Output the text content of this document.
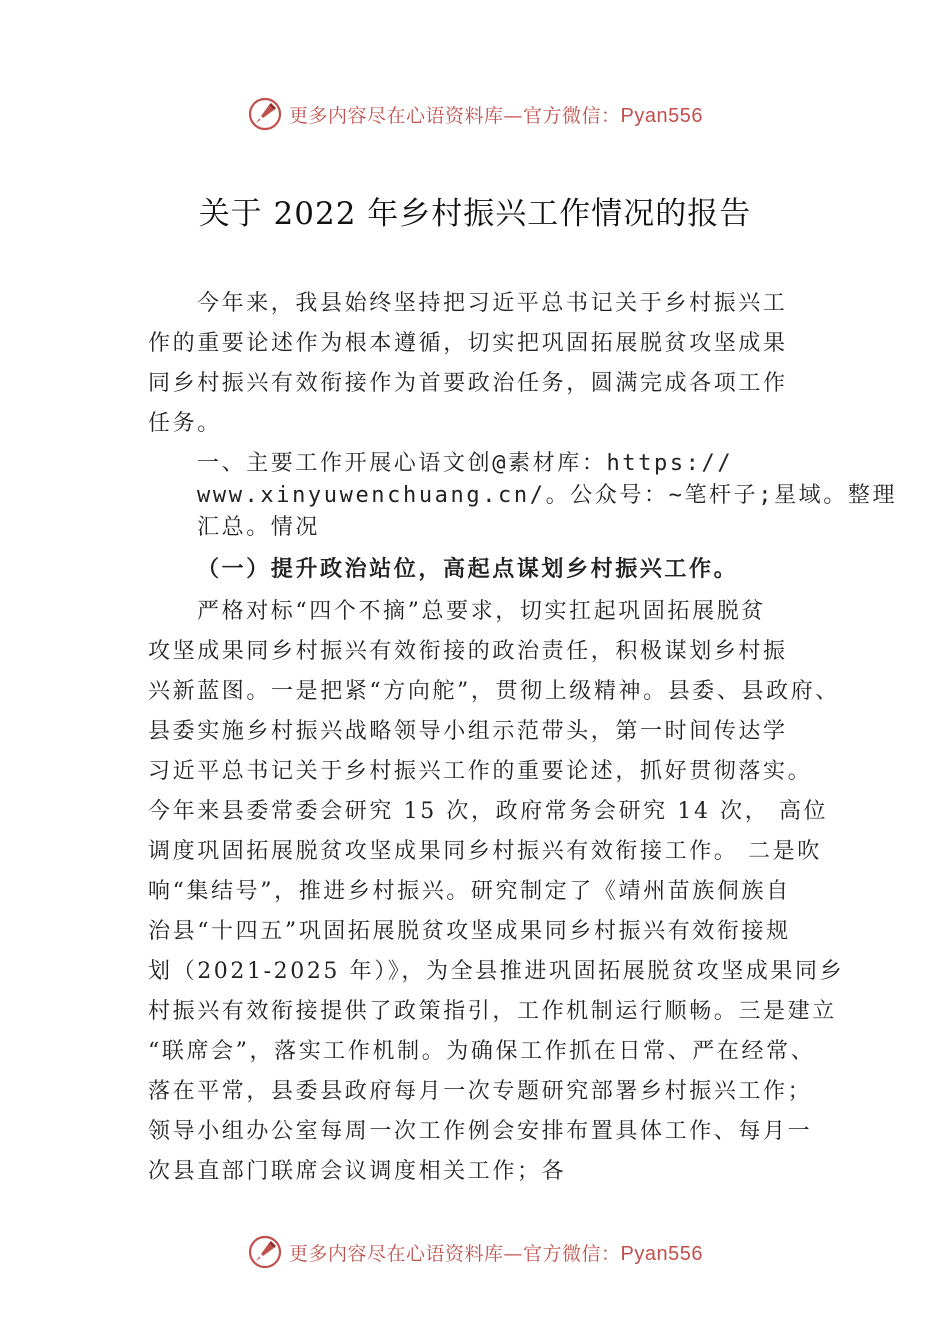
更多内容尽在心语资料库—官方微信：Pyan556
关于 2022 年乡村振兴工作情况的报告
今年来，我县始终坚持把习近平总书记关于乡村振兴工
作的重要论述作为根本遵循，切实把巩固拓展脱贫攻坚成果
同乡村振兴有效衔接作为首要政治任务，圆满完成各项工作
任务。
一、主要工作开展心语文创@素材库：https://
www.xinyuwenchuang.cn/。公众号：~笔杆子;星域。整理
汇总。情况
（一）提升政治站位，高起点谋划乡村振兴工作。
严格对标“四个不摘”总要求，切实扛起巩固拓展脱贫
攻坚成果同乡村振兴有效衔接的政治责任，积极谋划乡村振
兴新蓝图。一是把紧“方向舵”，贯彻上级精神。县委、县政府、
县委实施乡村振兴战略领导小组示范带头，第一时间传达学
习近平总书记关于乡村振兴工作的重要论述，抓好贯彻落实。
今年来县委常委会研究 15 次，政府常务会研究 14 次， 高位
调度巩固拓展脱贫攻坚成果同乡村振兴有效衔接工作。 二是吹
响“集结号”，推进乡村振兴。研究制定了《靖州苗族侗族自
治县“十四五”巩固拓展脱贫攻坚成果同乡村振兴有效衔接规
划（2021-2025 年）》，为全县推进巩固拓展脱贫攻坚成果同乡
村振兴有效衔接提供了政策指引，工作机制运行顺畅。三是建立
“联席会”，落实工作机制。为确保工作抓在日常、严在经常、
落在平常，县委县政府每月一次专题研究部署乡村振兴工作；
领导小组办公室每周一次工作例会安排布置具体工作、每月一
次县直部门联席会议调度相关工作；各
更多内容尽在心语资料库—官方微信：Pyan556
